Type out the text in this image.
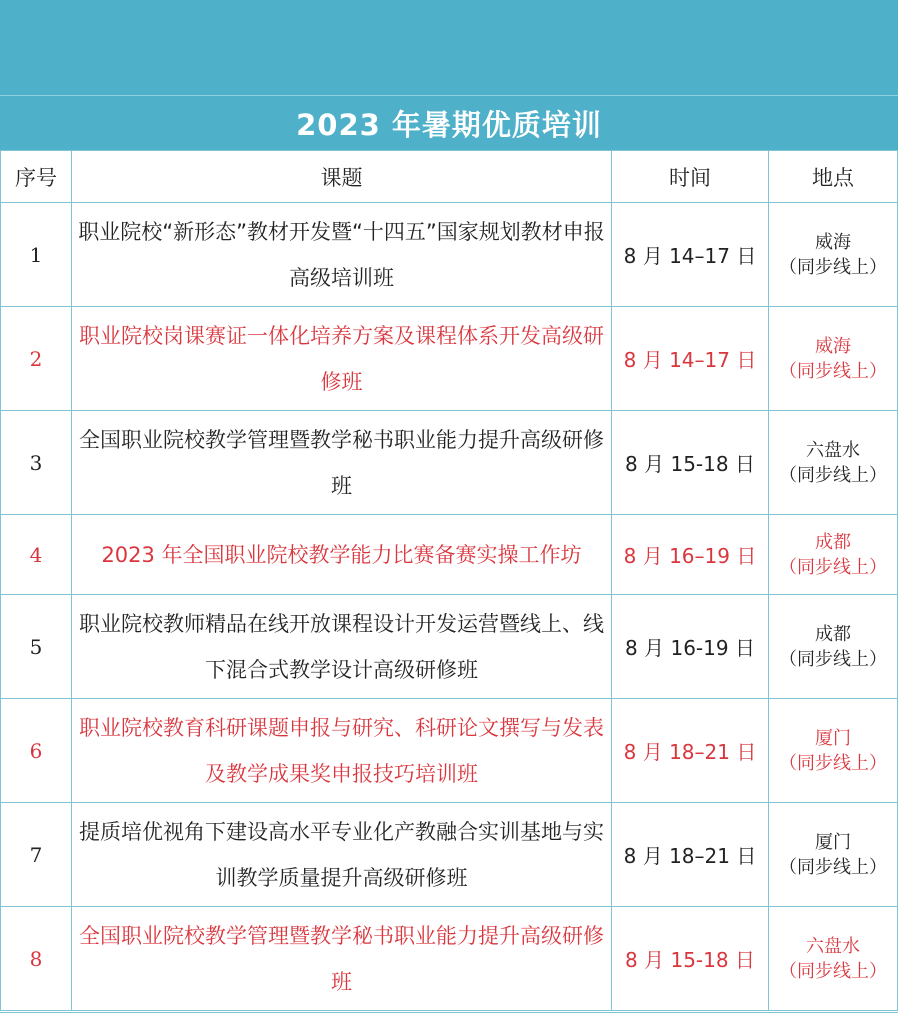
2023 年暑期优质培训
序号	课题	时间	地点
1	职业院校“新形态”教材开发暨“十四五”国家规划教材申报高级培训班	8 月 14–17 日	威海
（同步线上）

2	职业院校岗课赛证一体化培养方案及课程体系开发高级研修班	8 月 14–17 日	威海
（同步线上）

3	全国职业院校教学管理暨教学秘书职业能力提升高级研修班	8 月 15-18 日	六盘水
（同步线上）

4	2023 年全国职业院校教学能力比赛备赛实操工作坊	8 月 16–19 日	成都
（同步线上）

5	职业院校教师精品在线开放课程设计开发运营暨线上、线下混合式教学设计高级研修班	8 月 16-19 日	成都
（同步线上）

6	职业院校教育科研课题申报与研究、科研论文撰写与发表及教学成果奖申报技巧培训班	8 月 18–21 日	厦门
（同步线上）

7	提质培优视角下建设高水平专业化产教融合实训基地与实训教学质量提升高级研修班	8 月 18–21 日	厦门
（同步线上）

8	全国职业院校教学管理暨教学秘书职业能力提升高级研修班	8 月 15-18 日	六盘水
（同步线上）
